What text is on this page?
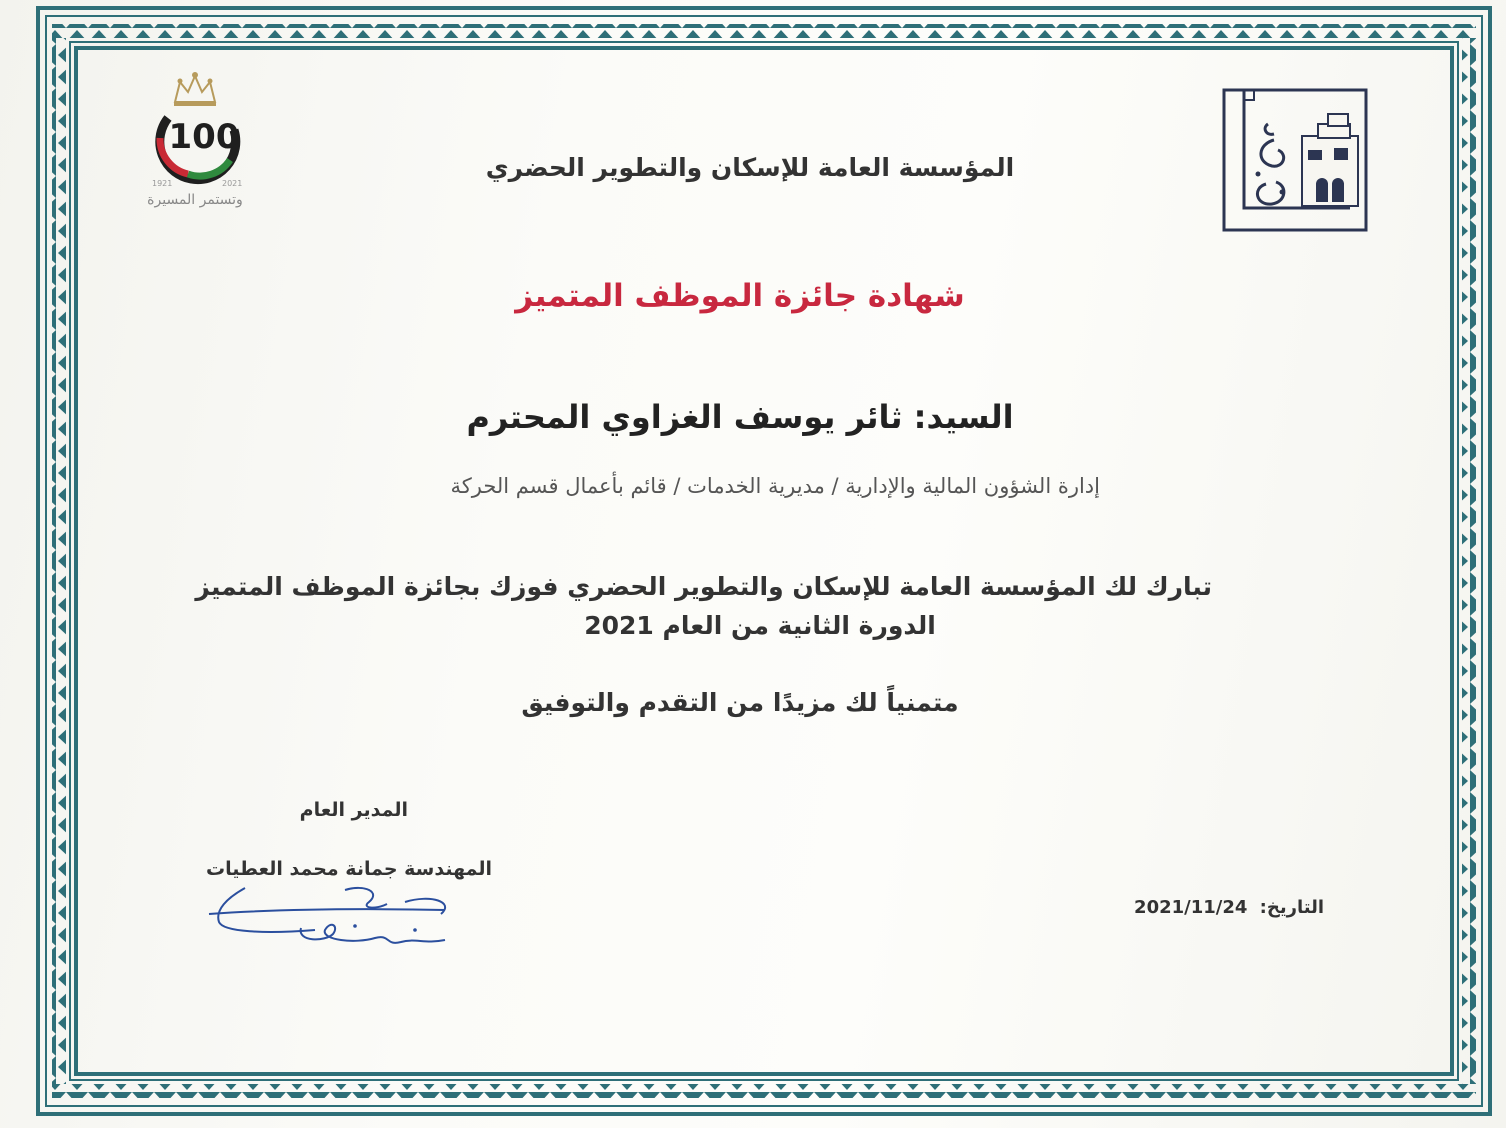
100
1921	2021
وتستمر المسيرة
المؤسسة العامة للإسكان والتطوير الحضري
شهادة جائزة الموظف المتميز
السيد: ثائر يوسف الغزاوي المحترم
إدارة الشؤون المالية والإدارية / مديرية الخدمات / قائم بأعمال قسم الحركة
تبارك لك المؤسسة العامة للإسكان والتطوير الحضري فوزك بجائزة الموظف المتميز
الدورة الثانية من العام 2021
متمنياً لك مزيدًا من التقدم والتوفيق
المدير العام
المهندسة جمانة محمد العطيات
التاريخ: 2021/11/24
